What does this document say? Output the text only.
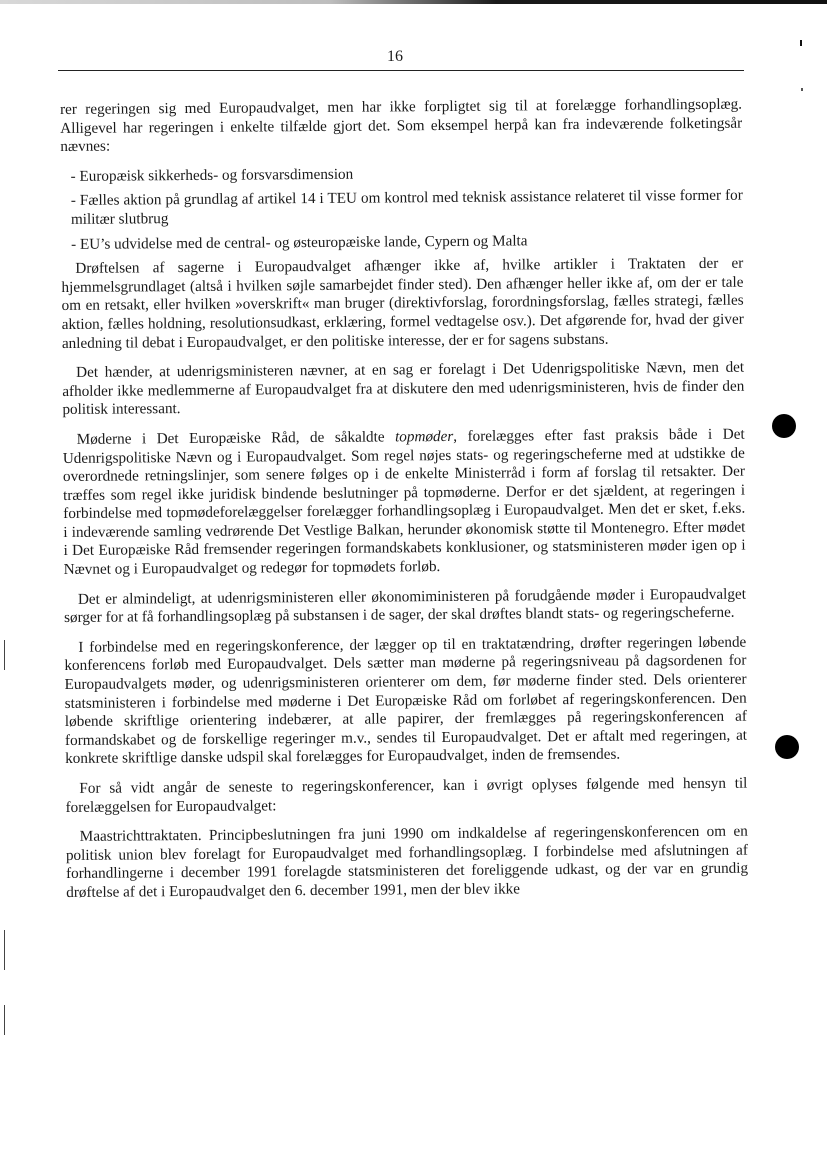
16

rer regeringen sig med Europaudvalget, men har ikke forpligtet sig til at forelægge forhandlingsoplæg. Alligevel har regeringen i enkelte tilfælde gjort det. Som eksempel herpå kan fra indeværende folketingsår nævnes:

- Europæisk sikkerheds- og forsvarsdimension

- Fælles aktion på grundlag af artikel 14 i TEU om kontrol med teknisk assistance relateret til visse former for militær slutbrug

- EU’s udvidelse med de central- og østeuropæiske lande, Cypern og Malta

Drøftelsen af sagerne i Europaudvalget afhænger ikke af, hvilke artikler i Traktaten der er hjemmelsgrundlaget (altså i hvilken søjle samarbejdet finder sted). Den afhænger heller ikke af, om der er tale om en retsakt, eller hvilken »overskrift« man bruger (direktivforslag, forordningsforslag, fælles strategi, fælles aktion, fælles holdning, resolutionsudkast, erklæring, formel vedtagelse osv.). Det afgørende for, hvad der giver anledning til debat i Europaudvalget, er den politiske interesse, der er for sagens substans.

Det hænder, at udenrigsministeren nævner, at en sag er forelagt i Det Udenrigspolitiske Nævn, men det afholder ikke medlemmerne af Europaudvalget fra at diskutere den med udenrigsministeren, hvis de finder den politisk interessant.

Møderne i Det Europæiske Råd, de såkaldte topmøder, forelægges efter fast praksis både i Det Udenrigspolitiske Nævn og i Europaudvalget. Som regel nøjes stats- og regeringscheferne med at udstikke de overordnede retningslinjer, som senere følges op i de enkelte Ministerråd i form af forslag til retsakter. Der træffes som regel ikke juridisk bindende beslutninger på topmøderne. Derfor er det sjældent, at regeringen i forbindelse med topmødeforelæggelser forelægger forhandlingsoplæg i Europaudvalget. Men det er sket, f.eks. i indeværende samling vedrørende Det Vestlige Balkan, herunder økonomisk støtte til Montenegro. Efter mødet i Det Europæiske Råd fremsender regeringen formandskabets konklusioner, og statsministeren møder igen op i Nævnet og i Europaudvalget og redegør for topmødets forløb.

Det er almindeligt, at udenrigsministeren eller økonomiministeren på forudgående møder i Europaudvalget sørger for at få forhandlingsoplæg på substansen i de sager, der skal drøftes blandt stats- og regeringscheferne.

I forbindelse med en regeringskonference, der lægger op til en traktatændring, drøfter regeringen løbende konferencens forløb med Europaudvalget. Dels sætter man møderne på regeringsniveau på dagsordenen for Europaudvalgets møder, og udenrigsministeren orienterer om dem, før møderne finder sted. Dels orienterer statsministeren i forbindelse med møderne i Det Europæiske Råd om forløbet af regeringskonferencen. Den løbende skriftlige orientering indebærer, at alle papirer, der fremlægges på regeringskonferencen af formandskabet og de forskellige regeringer m.v., sendes til Europaudvalget. Det er aftalt med regeringen, at konkrete skriftlige danske udspil skal forelægges for Europaudvalget, inden de fremsendes.

For så vidt angår de seneste to regeringskonferencer, kan i øvrigt oplyses følgende med hensyn til forelæggelsen for Europaudvalget:

Maastrichttraktaten. Principbeslutningen fra juni 1990 om indkaldelse af regeringenskonferencen om en politisk union blev forelagt for Europaudvalget med forhandlingsoplæg. I forbindelse med afslutningen af forhandlingerne i december 1991 forelagde statsministeren det foreliggende udkast, og der var en grundig drøftelse af det i Europaudvalget den 6. december 1991, men der blev ikke
